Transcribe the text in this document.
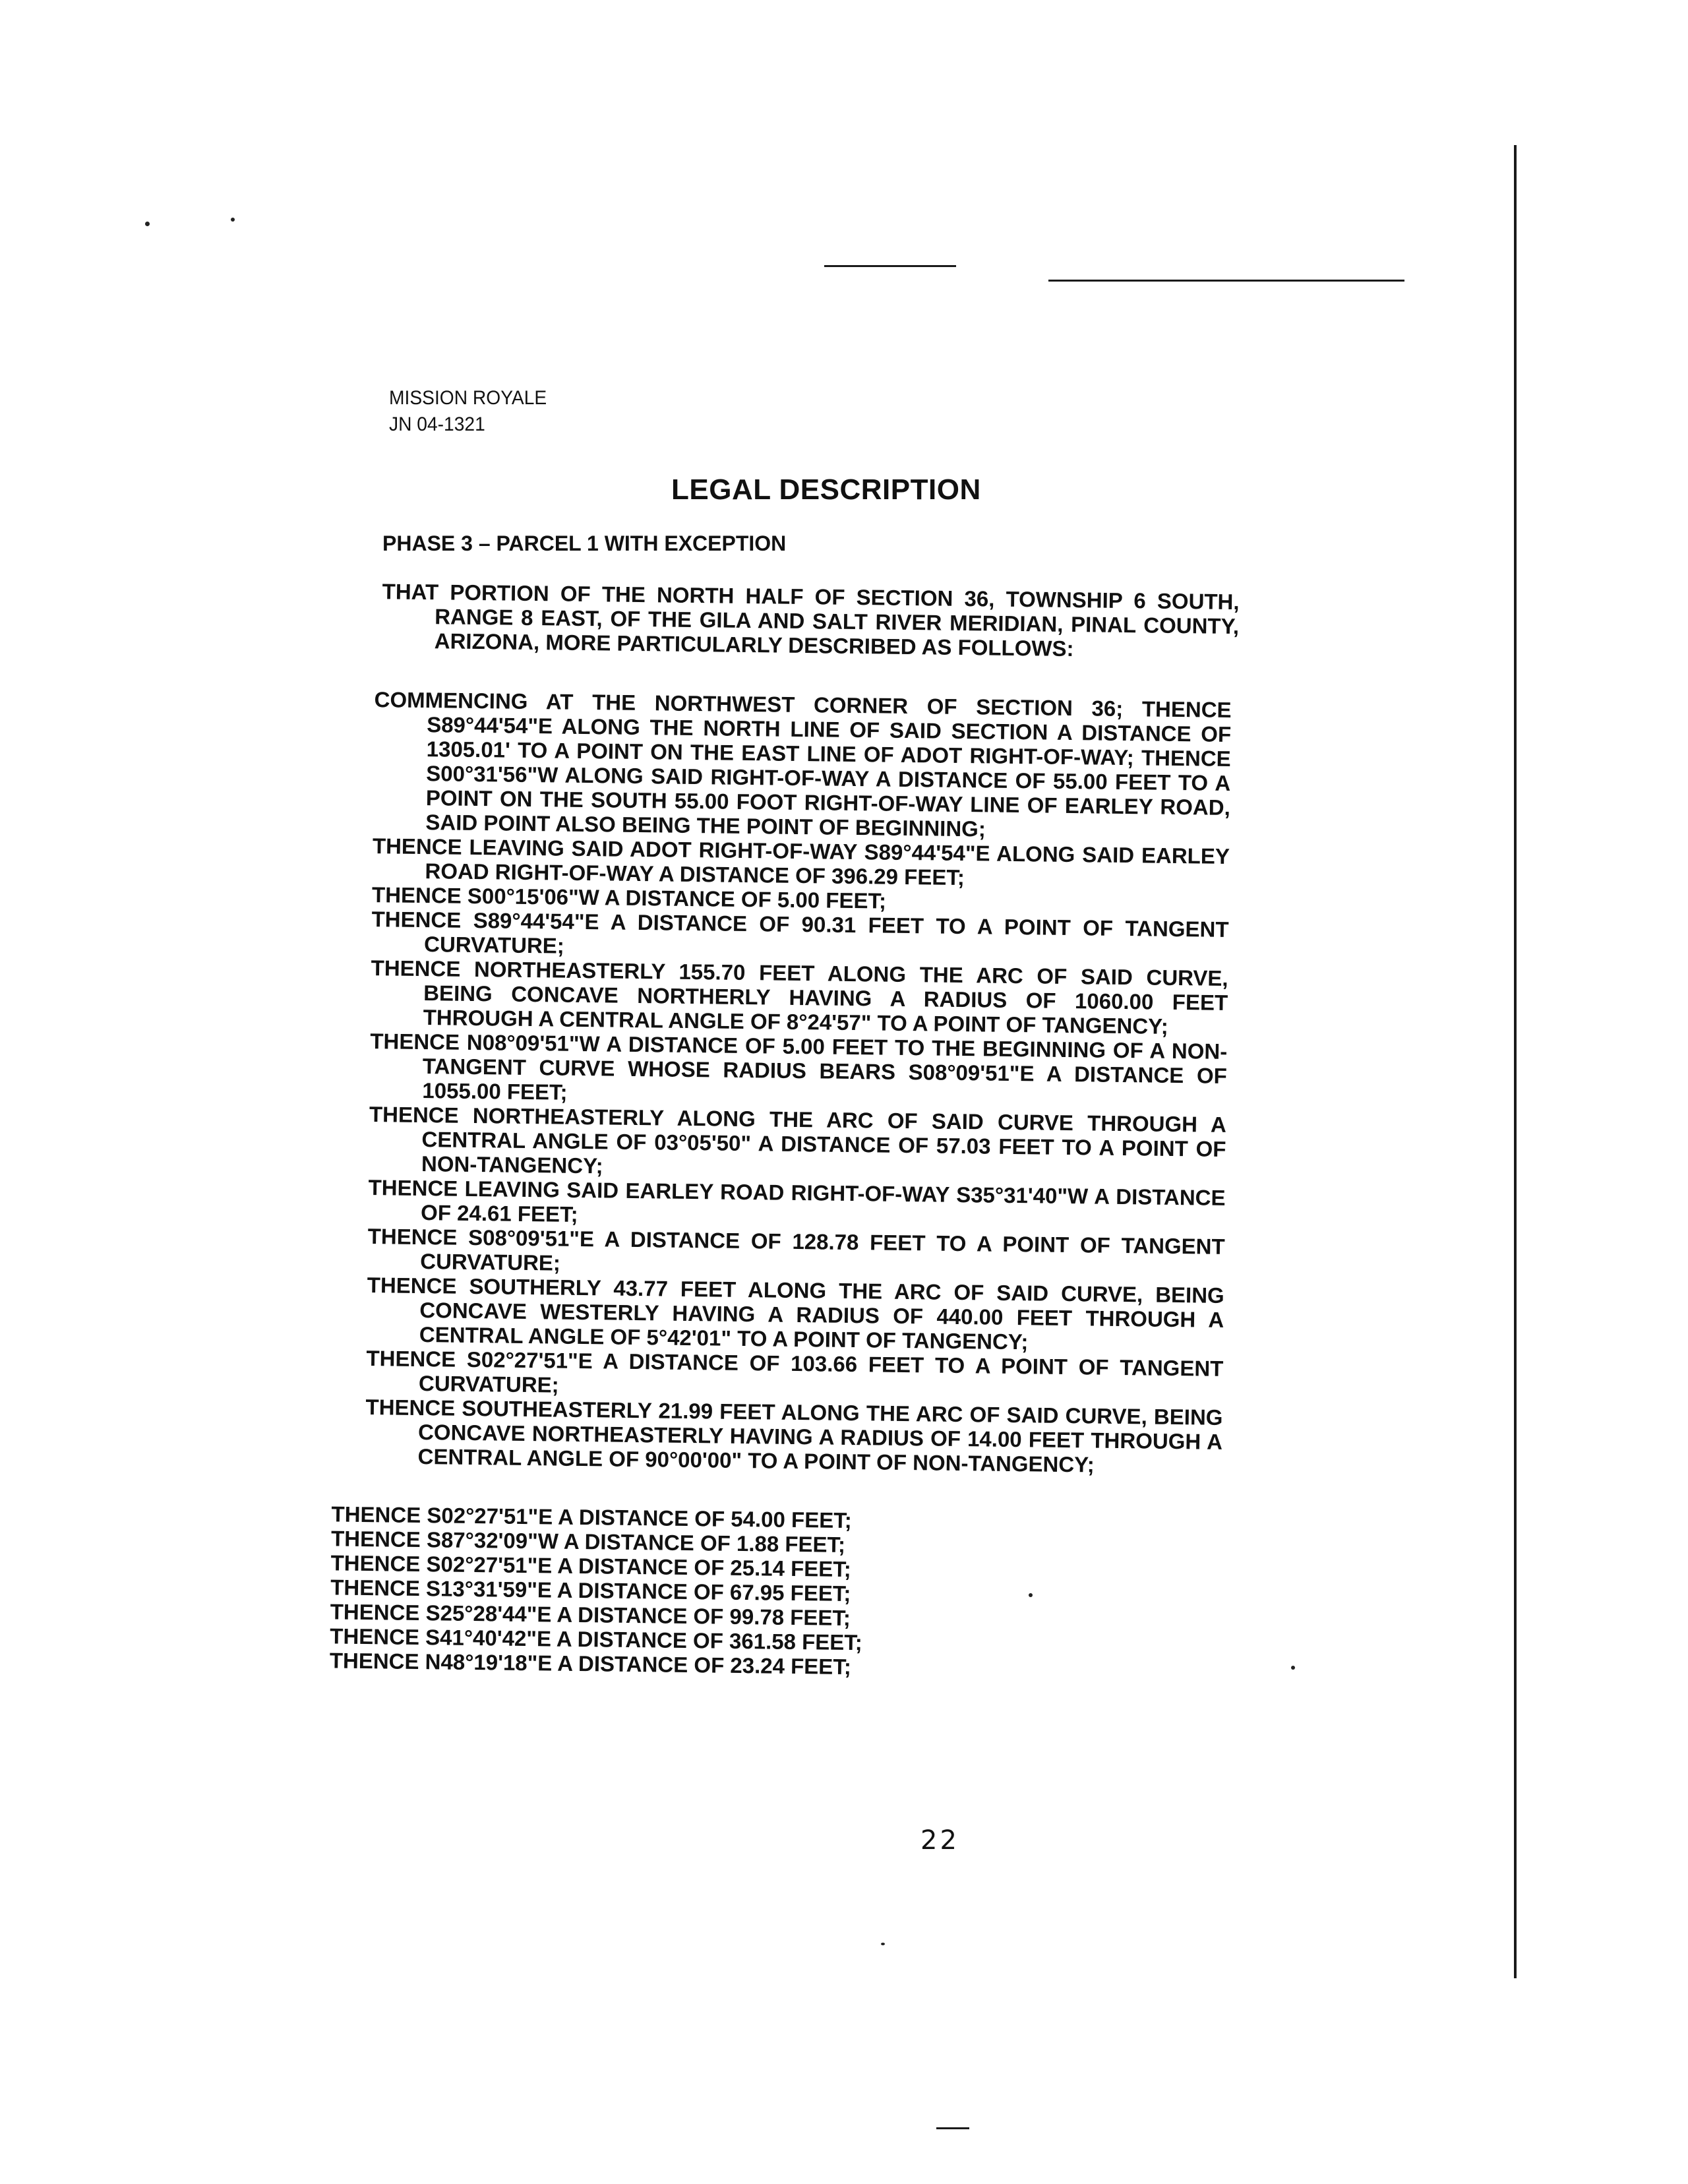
MISSION ROYALE
JN 04-1321
LEGAL DESCRIPTION
PHASE 3 – PARCEL 1 WITH EXCEPTION

THAT PORTION OF THE NORTH HALF OF SECTION 36, TOWNSHIP 6 SOUTH, RANGE 8 EAST, OF THE GILA AND SALT RIVER MERIDIAN, PINAL COUNTY, ARIZONA, MORE PARTICULARLY DESCRIBED AS FOLLOWS:

COMMENCING AT THE NORTHWEST CORNER OF SECTION 36; THENCE S89°44'54"E ALONG THE NORTH LINE OF SAID SECTION A DISTANCE OF 1305.01' TO A POINT ON THE EAST LINE OF ADOT RIGHT-OF-WAY; THENCE S00°31'56"W ALONG SAID RIGHT-OF-WAY A DISTANCE OF 55.00 FEET TO A POINT ON THE SOUTH 55.00 FOOT RIGHT-OF-WAY LINE OF EARLEY ROAD, SAID POINT ALSO BEING THE POINT OF BEGINNING;

THENCE LEAVING SAID ADOT RIGHT-OF-WAY S89°44'54"E ALONG SAID EARLEY ROAD RIGHT-OF-WAY A DISTANCE OF 396.29 FEET;

THENCE S00°15'06"W A DISTANCE OF 5.00 FEET;

THENCE S89°44'54"E A DISTANCE OF 90.31 FEET TO A POINT OF TANGENT CURVATURE;

THENCE NORTHEASTERLY 155.70 FEET ALONG THE ARC OF SAID CURVE, BEING CONCAVE NORTHERLY HAVING A RADIUS OF 1060.00 FEET THROUGH A CENTRAL ANGLE OF 8°24'57" TO A POINT OF TANGENCY;

THENCE N08°09'51"W A DISTANCE OF 5.00 FEET TO THE BEGINNING OF A NON-TANGENT CURVE WHOSE RADIUS BEARS S08°09'51"E A DISTANCE OF 1055.00 FEET;

THENCE NORTHEASTERLY ALONG THE ARC OF SAID CURVE THROUGH A CENTRAL ANGLE OF 03°05'50" A DISTANCE OF 57.03 FEET TO A POINT OF NON-TANGENCY;

THENCE LEAVING SAID EARLEY ROAD RIGHT-OF-WAY S35°31'40"W A DISTANCE OF 24.61 FEET;

THENCE S08°09'51"E A DISTANCE OF 128.78 FEET TO A POINT OF TANGENT CURVATURE;

THENCE SOUTHERLY 43.77 FEET ALONG THE ARC OF SAID CURVE, BEING CONCAVE WESTERLY HAVING A RADIUS OF 440.00 FEET THROUGH A CENTRAL ANGLE OF 5°42'01" TO A POINT OF TANGENCY;

THENCE S02°27'51"E A DISTANCE OF 103.66 FEET TO A POINT OF TANGENT CURVATURE;

THENCE SOUTHEASTERLY 21.99 FEET ALONG THE ARC OF SAID CURVE, BEING CONCAVE NORTHEASTERLY HAVING A RADIUS OF 14.00 FEET THROUGH A CENTRAL ANGLE OF 90°00'00" TO A POINT OF NON-TANGENCY;

THENCE S02°27'51"E A DISTANCE OF 54.00 FEET;
THENCE S87°32'09"W A DISTANCE OF 1.88 FEET;
THENCE S02°27'51"E A DISTANCE OF 25.14 FEET;
THENCE S13°31'59"E A DISTANCE OF 67.95 FEET;
THENCE S25°28'44"E A DISTANCE OF 99.78 FEET;
THENCE S41°40'42"E A DISTANCE OF 361.58 FEET;
THENCE N48°19'18"E A DISTANCE OF 23.24 FEET;
22
